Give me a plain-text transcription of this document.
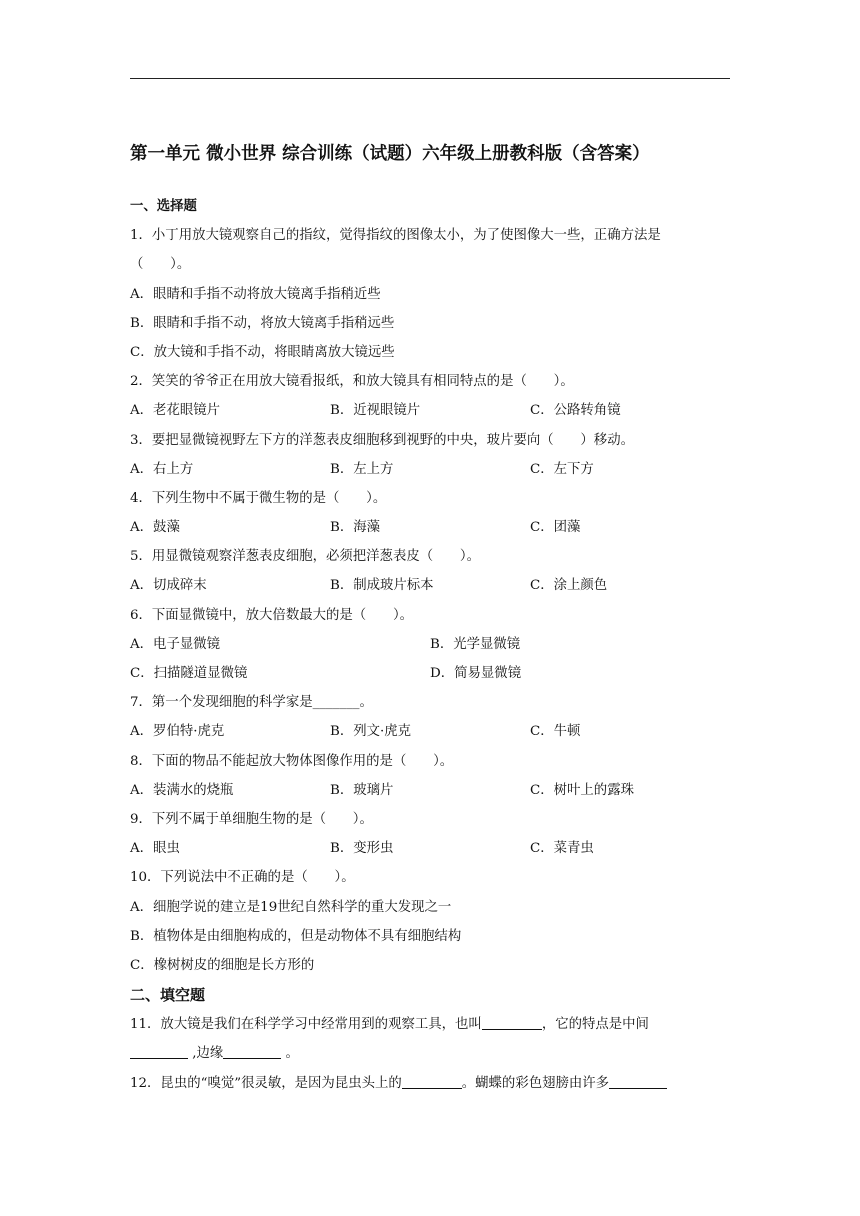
第一单元 微小世界 综合训练（试题）六年级上册教科版（含答案）
一、选择题
1．小丁用放大镜观察自己的指纹，觉得指纹的图像太小，为了使图像大一些，正确方法是
（　　）。
A．眼睛和手指不动将放大镜离手指稍近些
B．眼睛和手指不动，将放大镜离手指稍远些
C．放大镜和手指不动，将眼睛离放大镜远些
2．笑笑的爷爷正在用放大镜看报纸，和放大镜具有相同特点的是（　　）。
A．老花眼镜片	B．近视眼镜片	C．公路转角镜
3．要把显微镜视野左下方的洋葱表皮细胞移到视野的中央，玻片要向（　　）移动。
A．右上方	B．左上方	C．左下方
4．下列生物中不属于微生物的是（　　）。
A．鼓藻	B．海藻	C．团藻
5．用显微镜观察洋葱表皮细胞，必须把洋葱表皮（　　）。
A．切成碎末	B．制成玻片标本	C．涂上颜色
6．下面显微镜中，放大倍数最大的是（　　）。
A．电子显微镜	B．光学显微镜
C．扫描隧道显微镜	D．简易显微镜
7．第一个发现细胞的科学家是_______。
A．罗伯特·虎克	B．列文·虎克	C．牛顿
8．下面的物品不能起放大物体图像作用的是（　　）。
A．装满水的烧瓶	B．玻璃片	C．树叶上的露珠
9．下列不属于单细胞生物的是（　　）。
A．眼虫	B．变形虫	C．菜青虫
10．下列说法中不正确的是（　　）。
A．细胞学说的建立是19世纪自然科学的重大发现之一
B．植物体是由细胞构成的，但是动物体不具有细胞结构
C．橡树树皮的细胞是长方形的
二、填空题
11．放大镜是我们在科学学习中经常用到的观察工具，也叫	，它的特点是中间
,边缘	。
12．昆虫的“嗅觉”很灵敏，是因为昆虫头上的	。蝴蝶的彩色翅膀由许多
